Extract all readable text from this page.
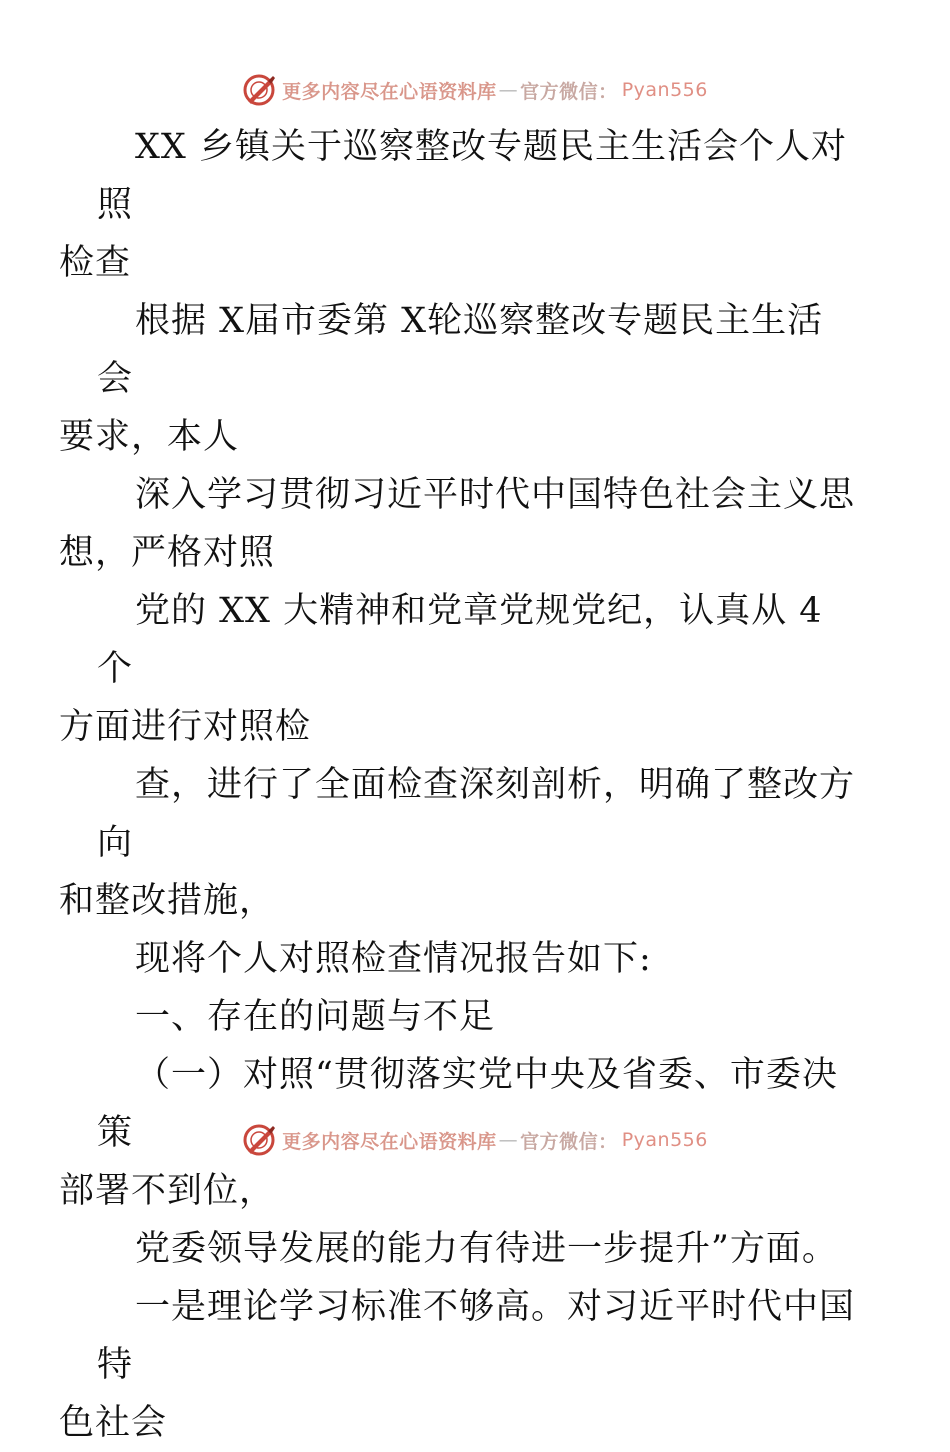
更多内容尽在心语资料库 — 官方微信： Pyan556

XX 乡镇关于巡察整改专题民主生活会个人对照
检查

根据 X届市委第 X轮巡察整改专题民主生活会
要求，本人

深入学习贯彻习近平时代中国特色社会主义思
想，严格对照

党的 XX 大精神和党章党规党纪，认真从 4个
方面进行对照检

查，进行了全面检查深刻剖析，明确了整改方向
和整改措施，

现将个人对照检查情况报告如下:

一、存在的问题与不足

（一）对照“贯彻落实党中央及省委、市委决策
部署不到位，

党委领导发展的能力有待进一步提升”方面。

一是理论学习标准不够高。对习近平时代中国特
色社会

更多内容尽在心语资料库 — 官方微信： Pyan556
